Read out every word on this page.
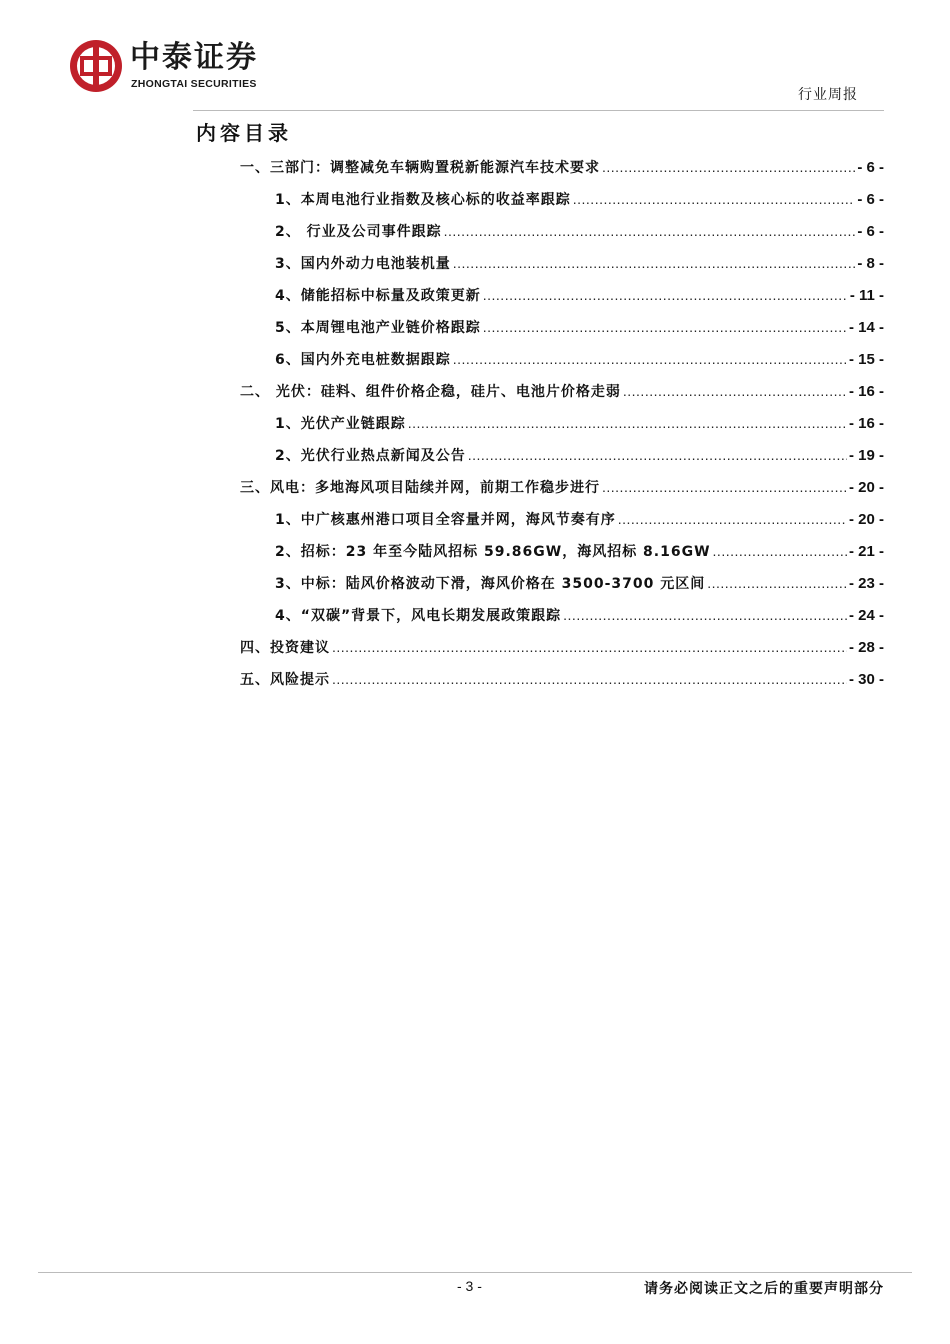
中泰证券
ZHONGTAI SECURITIES
行业周报
内容目录
一、三部门：调整减免车辆购置税新能源汽车技术要求 .....	- 6 -
1、本周电池行业指数及核心标的收益率跟踪 .....	- 6 -
2、 行业及公司事件跟踪 .....	- 6 -
3、国内外动力电池装机量 .....	- 8 -
4、储能招标中标量及政策更新 .....	- 11 -
5、本周锂电池产业链价格跟踪 .....	- 14 -
6、国内外充电桩数据跟踪 .....	- 15 -
二、 光伏：硅料、组件价格企稳，硅片、电池片价格走弱 .....	- 16 -
1、光伏产业链跟踪 .....	- 16 -
2、光伏行业热点新闻及公告 .....	- 19 -
三、风电：多地海风项目陆续并网，前期工作稳步进行 .....	- 20 -
1、中广核惠州港口项目全容量并网，海风节奏有序 .....	- 20 -
2、招标：23 年至今陆风招标 59.86GW，海风招标 8.16GW .....	- 21 -
3、中标：陆风价格波动下滑，海风价格在 3500-3700 元区间 .....	- 23 -
4、“双碳”背景下，风电长期发展政策跟踪 .....	- 24 -
四、投资建议 .....	- 28 -
五、风险提示 .....	- 30 -
- 3 -	请务必阅读正文之后的重要声明部分
